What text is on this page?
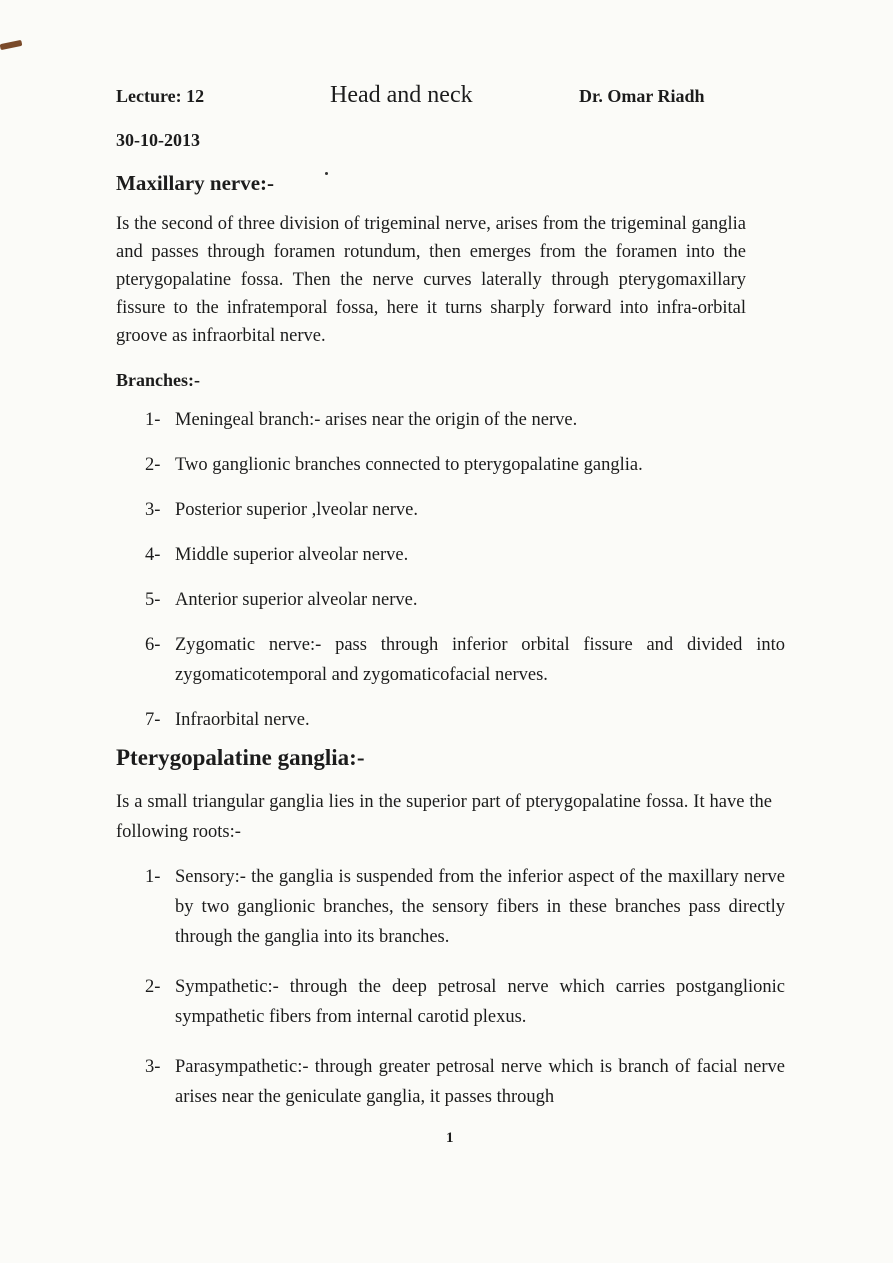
Lecture: 12	Head and neck	Dr. Omar Riadh
30-10-2013
Maxillary nerve:-

Is the second of three division of trigeminal nerve, arises from the trigeminal ganglia and passes through foramen rotundum, then emerges from the foramen into the pterygopalatine fossa. Then the nerve curves laterally through pterygomaxillary fissure to the infratemporal fossa, here it turns sharply forward into infra-orbital groove as infraorbital nerve.

Branches:-
1- Meningeal branch:- arises near the origin of the nerve.
2- Two ganglionic branches connected to pterygopalatine ganglia.
3- Posterior superior ,lveolar nerve.
4- Middle superior alveolar nerve.
5- Anterior superior alveolar nerve.
6- Zygomatic nerve:- pass through inferior orbital fissure and divided into zygomaticotemporal and zygomaticofacial nerves.
7- Infraorbital nerve.
Pterygopalatine ganglia:-

Is a small triangular ganglia lies in the superior part of pterygopalatine fossa. It have the following roots:-

1- Sensory:- the ganglia is suspended from the inferior aspect of the maxillary nerve by two ganglionic branches, the sensory fibers in these branches pass directly through the ganglia into its branches.
2- Sympathetic:- through the deep petrosal nerve which carries postganglionic sympathetic fibers from internal carotid plexus.
3- Parasympathetic:- through greater petrosal nerve which is branch of facial nerve arises near the geniculate ganglia, it passes through
1
